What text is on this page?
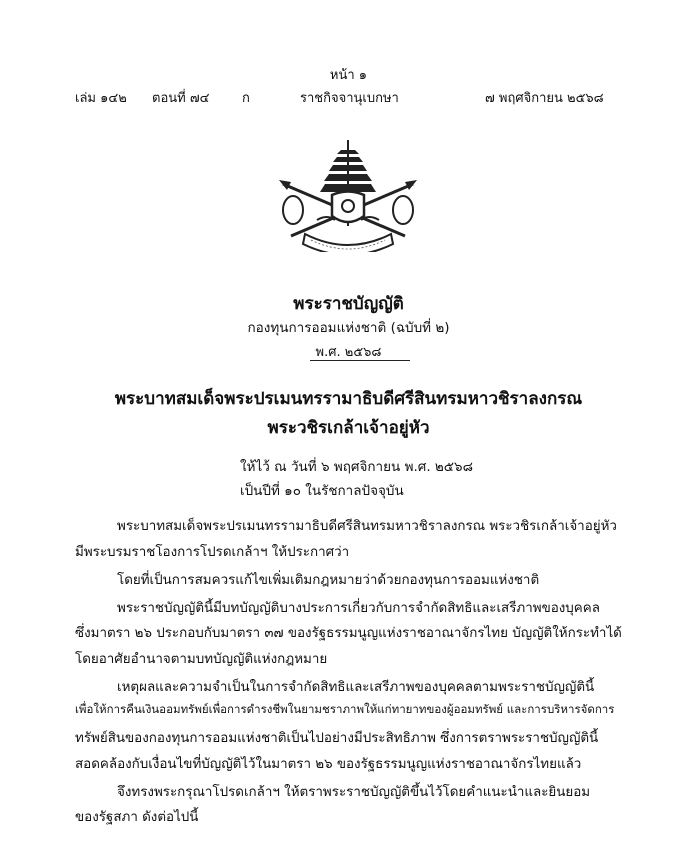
หน้า ๑
เล่ม ๑๔๒ ตอนที่ ๗๔	ก	ราชกิจจานุเบกษา	๗ พฤศจิกายน ๒๕๖๘
พระราชบัญญัติ
กองทุนการออมแห่งชาติ (ฉบับที่ ๒)
พ.ศ. ๒๕๖๘
พระบาทสมเด็จพระปรเมนทรรามาธิบดีศรีสินทรมหาวชิราลงกรณ
พระวชิรเกล้าเจ้าอยู่หัว
ให้ไว้ ณ วันที่ ๖ พฤศจิกายน พ.ศ. ๒๕๖๘
เป็นปีที่ ๑๐ ในรัชกาลปัจจุบัน
พระบาทสมเด็จพระปรเมนทรรามาธิบดีศรีสินทรมหาวชิราลงกรณ พระวชิรเกล้าเจ้าอยู่หัว
มีพระบรมราชโองการโปรดเกล้าฯ ให้ประกาศว่า
โดยที่เป็นการสมควรแก้ไขเพิ่มเติมกฎหมายว่าด้วยกองทุนการออมแห่งชาติ
พระราชบัญญัตินี้มีบทบัญญัติบางประการเกี่ยวกับการจำกัดสิทธิและเสรีภาพของบุคคล
ซึ่งมาตรา ๒๖ ประกอบกับมาตรา ๓๗ ของรัฐธรรมนูญแห่งราชอาณาจักรไทย บัญญัติให้กระทำได้
โดยอาศัยอำนาจตามบทบัญญัติแห่งกฎหมาย
เหตุผลและความจำเป็นในการจำกัดสิทธิและเสรีภาพของบุคคลตามพระราชบัญญัตินี้
เพื่อให้การคืนเงินออมทรัพย์เพื่อการดำรงชีพในยามชราภาพให้แก่ทายาทของผู้ออมทรัพย์ และการบริหารจัดการ
ทรัพย์สินของกองทุนการออมแห่งชาติเป็นไปอย่างมีประสิทธิภาพ ซึ่งการตราพระราชบัญญัตินี้
สอดคล้องกับเงื่อนไขที่บัญญัติไว้ในมาตรา ๒๖ ของรัฐธรรมนูญแห่งราชอาณาจักรไทยแล้ว
จึงทรงพระกรุณาโปรดเกล้าฯ ให้ตราพระราชบัญญัติขึ้นไว้โดยคำแนะนำและยินยอม
ของรัฐสภา ดังต่อไปนี้
